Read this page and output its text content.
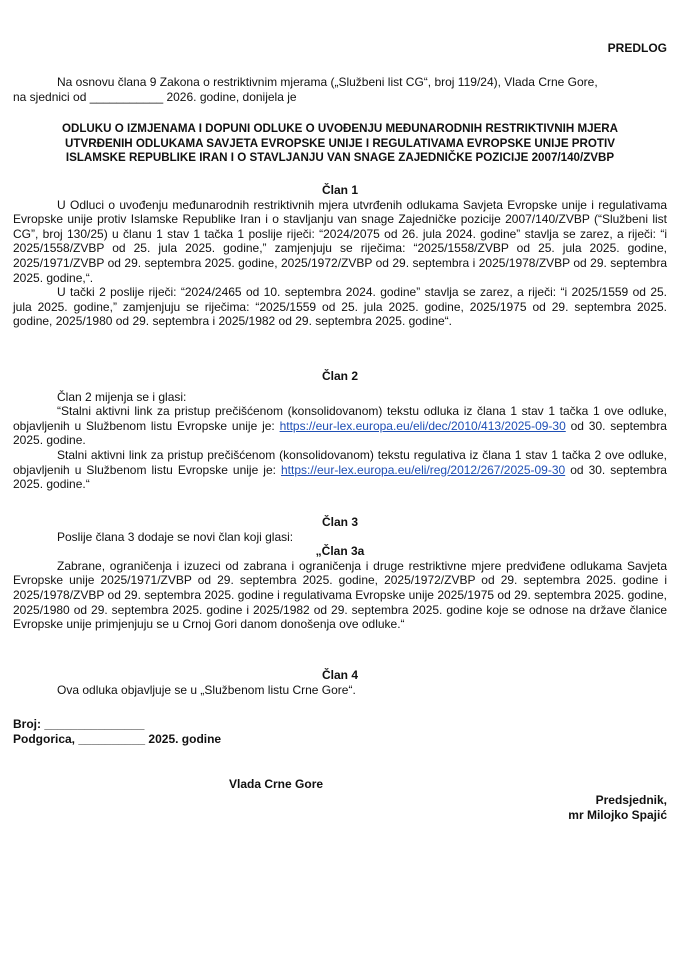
PREDLOG

Na osnovu člana 9 Zakona o restriktivnim mjerama („Službeni list CG“, broj 119/24), Vlada Crne Gore,

na sjednici od ___________ 2026. godine, donijela je

ODLUKU O IZMJENAMA I DOPUNI ODLUKE O UVOĐENJU MEĐUNARODNIH RESTRIKTIVNIH MJERA
UTVRĐENIH ODLUKAMA SAVJETA EVROPSKE UNIJE I REGULATIVAMA EVROPSKE UNIJE PROTIV
ISLAMSKE REPUBLIKE IRAN I O STAVLJANJU VAN SNAGE ZAJEDNIČKE POZICIJE 2007/140/ZVBP

Član 1

U Odluci o uvođenju međunarodnih restriktivnih mjera utvrđenih odlukama Savjeta Evropske unije i regulativama Evropske unije protiv Islamske Republike Iran i o stavljanju van snage Zajedničke pozicije 2007/140/ZVBP (“Službeni list CG”, broj 130/25) u članu 1 stav 1 tačka 1 poslije riječi: “2024/2075 od 26. jula 2024. godine” stavlja se zarez, a riječi: “i 2025/1558/ZVBP od 25. jula 2025. godine,” zamjenjuju se riječima: “2025/1558/ZVBP od 25. jula 2025. godine, 2025/1971/ZVBP od 29. septembra 2025. godine, 2025/1972/ZVBP od 29. septembra i 2025/1978/ZVBP od 29. septembra 2025. godine,“.

U tački 2 poslije riječi: “2024/2465 od 10. septembra 2024. godine” stavlja se zarez, a riječi: “i 2025/1559 od 25. jula 2025. godine,” zamjenjuju se riječima: “2025/1559 od 25. jula 2025. godine, 2025/1975 od 29. septembra 2025. godine, 2025/1980 od 29. septembra i 2025/1982 od 29. septembra 2025. godine“.

Član 2

Član 2 mijenja se i glasi:

“Stalni aktivni link za pristup prečišćenom (konsolidovanom) tekstu odluka iz člana 1 stav 1 tačka 1 ove odluke, objavljenih u Službenom listu Evropske unije je: https://eur-lex.europa.eu/eli/dec/2010/413/2025-09-30 od 30. septembra 2025. godine.

Stalni aktivni link za pristup prečišćenom (konsolidovanom) tekstu regulativa iz člana 1 stav 1 tačka 2 ove odluke, objavljenih u Službenom listu Evropske unije je: https://eur-lex.europa.eu/eli/reg/2012/267/2025-09-30 od 30. septembra 2025. godine.“

Član 3

Poslije člana 3 dodaje se novi član koji glasi:

„Član 3a

Zabrane, ograničenja i izuzeci od zabrana i ograničenja i druge restriktivne mjere predviđene odlukama Savjeta Evropske unije 2025/1971/ZVBP od 29. septembra 2025. godine, 2025/1972/ZVBP od 29. septembra 2025. godine i 2025/1978/ZVBP od 29. septembra 2025. godine i regulativama Evropske unije 2025/1975 od 29. septembra 2025. godine, 2025/1980 od 29. septembra 2025. godine i 2025/1982 od 29. septembra 2025. godine koje se odnose na države članice Evropske unije primjenjuju se u Crnoj Gori danom donošenja ove odluke.“

Član 4

Ova odluka objavljuje se u „Službenom listu Crne Gore“.

Broj: _______________
Podgorica, __________ 2025. godine
Vlada Crne Gore
Predsjednik,
mr Milojko Spajić
